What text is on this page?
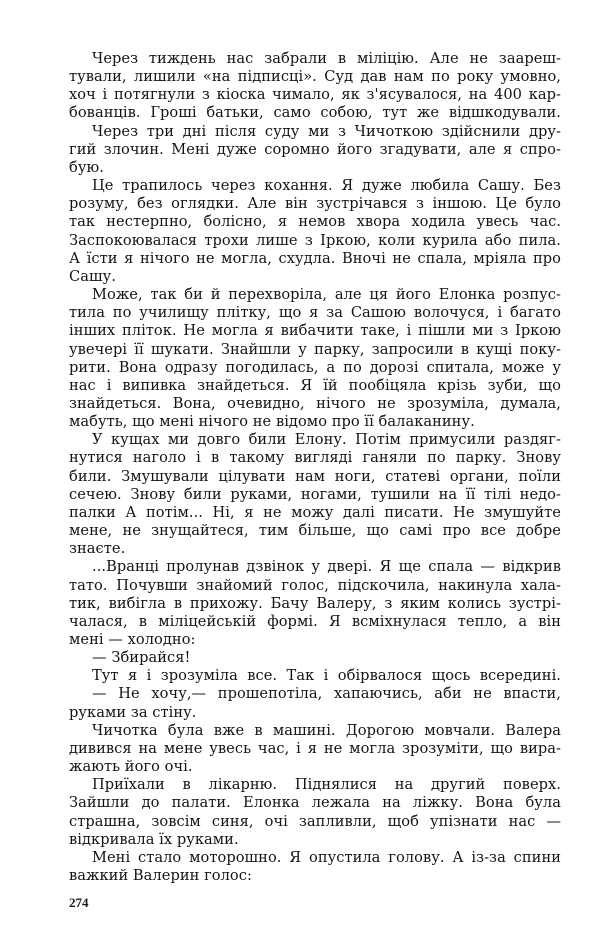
Через тиждень нас забрали в міліцію. Але не заареш-
тували, лишили «на підписці». Суд дав нам по року умовно,
хоч і потягнули з кіоска чимало, як з'ясувалося, на 400 кар-
бованців. Гроші батьки, само собою, тут же відшкодували.
Через три дні після суду ми з Чичоткою здійснили дру-
гий злочин. Мені дуже соромно його згадувати, але я спро-
бую.
Це трапилось через кохання. Я дуже любила Сашу. Без
розуму, без оглядки. Але він зустрічався з іншою. Це було
так нестерпно, болісно, я немов хвора ходила увесь час.
Заспокоювалася трохи лише з Іркою, коли курила або пила.
А їсти я нічого не могла, схудла. Вночі не спала, мріяла про
Сашу.
Може, так би й перехворіла, але ця його Елонка розпус-
тила по училищу плітку, що я за Сашою волочуся, і багато
інших пліток. Не могла я вибачити таке, і пішли ми з Іркою
увечері її шукати. Знайшли у парку, запросили в кущі поку-
рити. Вона одразу погодилась, а по дорозі спитала, може у
нас і випивка знайдеться. Я їй пообіцяла крізь зуби, що
знайдеться. Вона, очевидно, нічого не зрозуміла, думала,
мабуть, що мені нічого не відомо про її балаканину.
У кущах ми довго били Елону. Потім примусили раздяг-
нутися наголо і в такому вигляді ганяли по парку. Знову
били. Змушували цілувати нам ноги, статеві органи, поїли
сечею. Знову били руками, ногами, тушили на її тілі недо-
палки А потім... Ні, я не можу далі писати. Не змушуйте
мене, не знущайтеся, тим більше, що самі про все добре
знаєте.
...Вранці пролунав дзвінок у двері. Я ще спала — відкрив
тато. Почувши знайомий голос, підскочила, накинула хала-
тик, вибігла в прихожу. Бачу Валеру, з яким колись зустрі-
чалася, в міліцейській формі. Я всміхнулася тепло, а він
мені — холодно:
— Збирайся!
Тут я і зрозуміла все. Так і обірвалося щось всередині.
— Не хочу,— прошепотіла, хапаючись, аби не впасти,
руками за стіну.
Чичотка була вже в машині. Дорогою мовчали. Валера
дивився на мене увесь час, і я не могла зрозуміти, що вира-
жають його очі.
Приїхали в лікарню. Піднялися на другий поверх.
Зайшли до палати. Елонка лежала на ліжку. Вона була
страшна, зовсім синя, очі запливли, щоб упізнати нас —
відкривала їх руками.
Мені стало моторошно. Я опустила голову. А із-за спини
важкий Валерин голос:
274
